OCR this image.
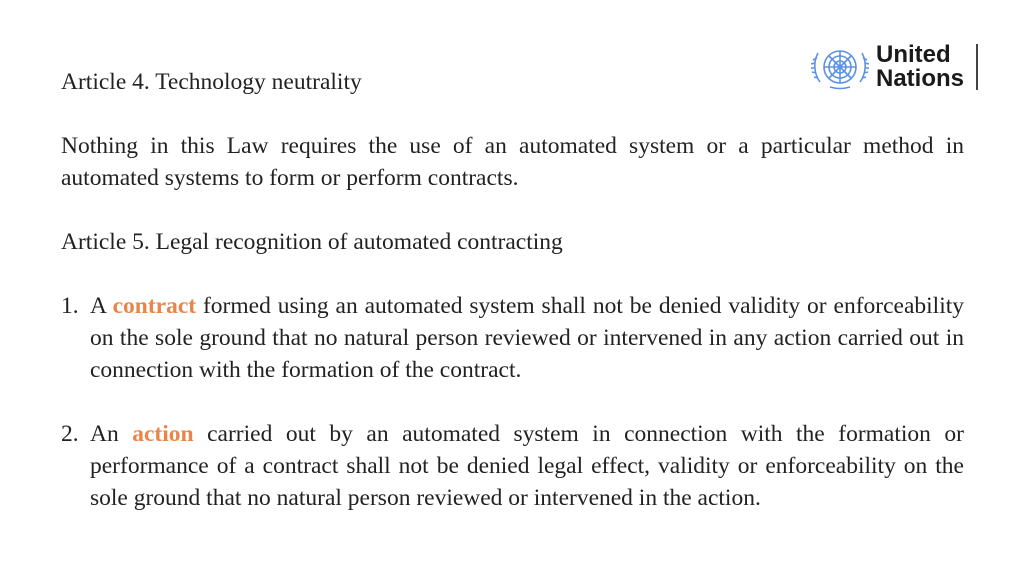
United
Nations

Article 4. Technology neutrality

Nothing in this Law requires the use of an automated system or a particular method in automated systems to form or perform contracts.

Article 5. Legal recognition of automated contracting

1. A contract formed using an automated system shall not be denied validity or enforceability on the sole ground that no natural person reviewed or intervened in any action carried out in connection with the formation of the contract.
2. An action carried out by an automated system in connection with the formation or performance of a contract shall not be denied legal effect, validity or enforceability on the sole ground that no natural person reviewed or intervened in the action.
